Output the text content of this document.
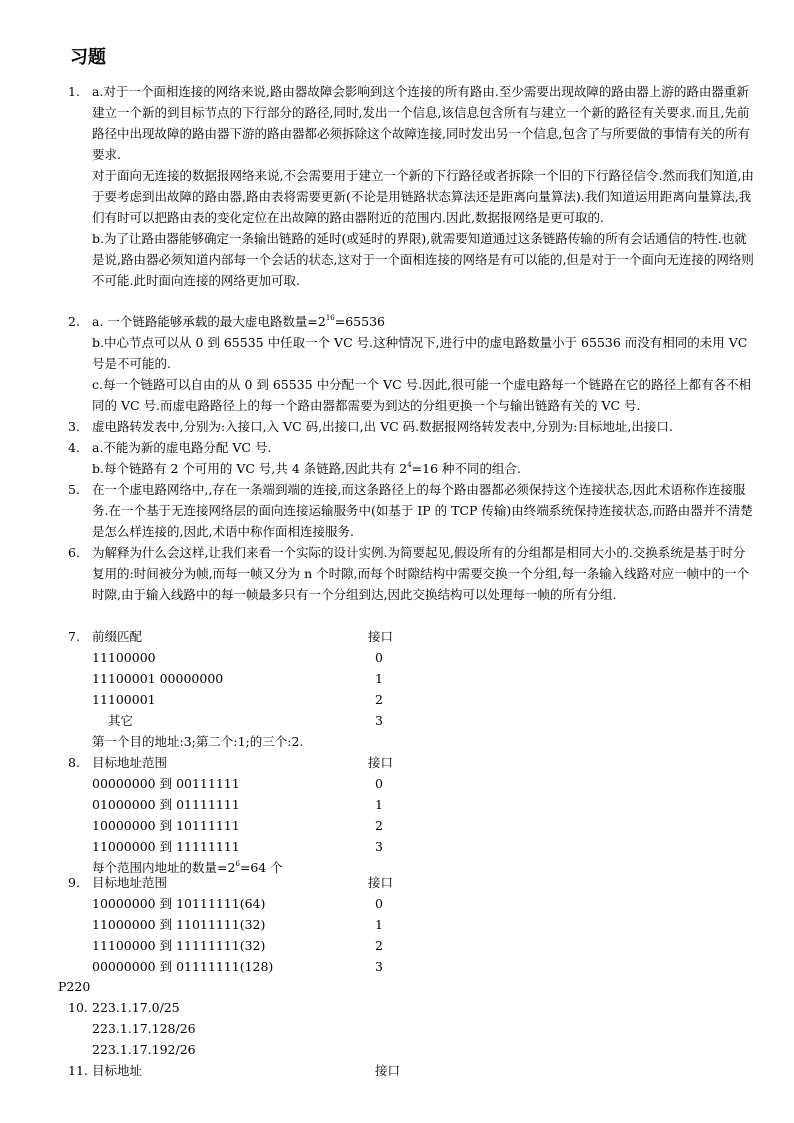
习题
1. a.对于一个面相连接的网络来说,路由器故障会影响到这个连接的所有路由.至少需要出现故障的路由器上游的路由器重新建立一个新的到目标节点的下行部分的路径,同时,发出一个信息,该信息包含所有与建立一个新的路径有关要求.而且,先前路径中出现故障的路由器下游的路由器都必须拆除这个故障连接,同时发出另一个信息,包含了与所要做的事情有关的所有要求.

对于面向无连接的数据报网络来说,不会需要用于建立一个新的下行路径或者拆除一个旧的下行路径信令.然而我们知道,由于要考虑到出故障的路由器,路由表将需要更新(不论是用链路状态算法还是距离向量算法).我们知道运用距离向量算法,我们有时可以把路由表的变化定位在出故障的路由器附近的范围内.因此,数据报网络是更可取的.

b.为了让路由器能够确定一条输出链路的延时(或延时的界限),就需要知道通过这条链路传输的所有会话通信的特性.也就是说,路由器必须知道内部每一个会话的状态,这对于一个面相连接的网络是有可以能的,但是对于一个面向无连接的网络则不可能.此时面向连接的网络更加可取.

2. a. 一个链路能够承载的最大虚电路数量$=2^{16}=65536$

b.中心节点可以从 0 到 65535 中任取一个 VC 号.这种情况下,进行中的虚电路数量小于 65536 而没有相同的未用 VC 号是不可能的.

c.每一个链路可以自由的从 0 到 65535 中分配一个 VC 号.因此,很可能一个虚电路每一个链路在它的路径上都有各不相同的 VC 号.而虚电路路径上的每一个路由器都需要为到达的分组更换一个与输出链路有关的 VC 号.

3. 虚电路转发表中,分别为:入接口,入 VC 码,出接口,出 VC 码.数据报网络转发表中,分别为:目标地址,出接口.
4. a.不能为新的虚电路分配 VC 号.

b.每个链路有 2 个可用的 VC 号,共 4 条链路,因此共有 $2^4=16$ 种不同的组合.

5. 在一个虚电路网络中,,存在一条端到端的连接,而这条路径上的每个路由器都必须保持这个连接状态,因此术语称作连接服务.在一个基于无连接网络层的面向连接运输服务中(如基于 IP 的 TCP 传输)由终端系统保持连接状态,而路由器并不清楚是怎么样连接的,因此,术语中称作面相连接服务.
6. 为解释为什么会这样,让我们来看一个实际的设计实例.为简要起见,假设所有的分组都是相同大小的.交换系统是基于时分复用的:时间被分为帧,而每一帧又分为 n 个时隙,而每个时隙结构中需要交换一个分组,每一条输入线路对应一帧中的一个时隙,由于输入线路中的每一帧最多只有一个分组到达,因此交换结构可以处理每一帧的所有分组.
7. 前缀匹配	接口
11100000	0
11100001 00000000	1
11100001	2
其它	3
第一个目的地址:3;第二个:1;的三个:2.
8. 目标地址范围	接口
00000000 到 00111111	0
01000000 到 01111111	1
10000000 到 10111111	2
11000000 到 11111111	3
每个范围内地址的数量$=2^6=64$ 个
9. 目标地址范围	接口
10000000 到 10111111(64)	0
11000000 到 11011111(32)	1
11100000 到 11111111(32)	2
00000000 到 01111111(128)	3
P220
10. 223.1.17.0/25
223.1.17.128/26
223.1.17.192/26
11. 目标地址	接口
